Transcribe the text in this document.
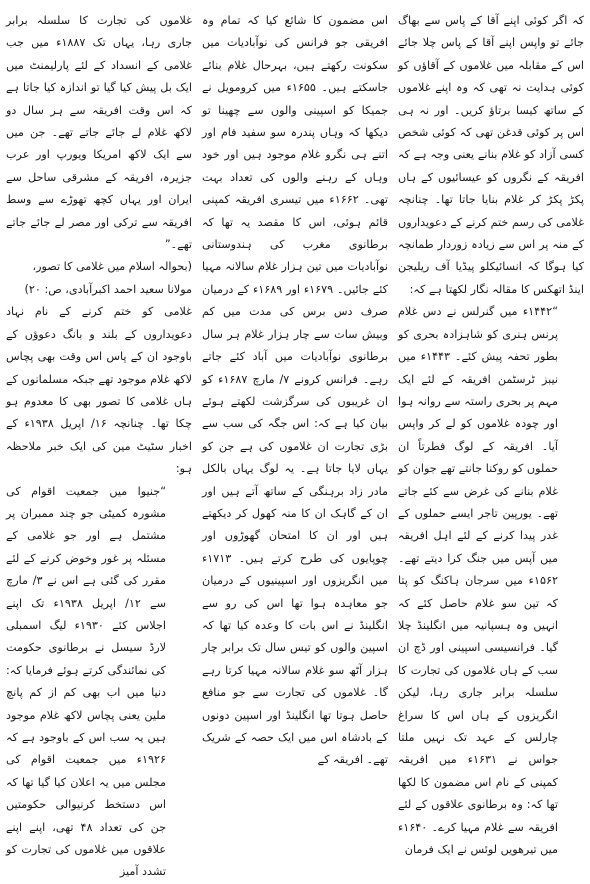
کہ اگر کوئی اپنے آقا کے پاس سے بھاگ جائے تو واپس اپنے آقا کے پاس چلا جائے اس کے مقابلہ میں غلاموں کے آقاؤں کو کوئی ہدایت نہ تھی کہ وہ اپنے غلاموں کے ساتھ کیسا برتاؤ کریں۔ اور نہ ہی اس پر کوئی قدغن تھی کہ کوئی شخص کسی آزاد کو غلام بنانے یعنی وجہ ہے کہ افریقہ کے نگروں کو عیسائیوں کے ہاں پکڑ پکڑ کر غلام بنایا جاتا تھا۔ چنانچہ غلامی کی رسم ختم کرنے کے دعویداروں کے منہ پر اس سے زیادہ زوردار طمانچہ کیا ہوگا کہ انسائیکلو پیڈیا آف ریلیجن اینڈ اتھکس کا مقالہ نگار لکھتا ہے کہ:

“۱۴۴۲ء میں گنرلس نے دس غلام پرنس ہنری کو شاہزادہ بحری کو بطور تحفہ پیش کئے۔ ۱۴۴۳ء میں نیبز ٹرسٹمن افریقہ کے لئے ایک مہم پر بحری راستہ سے روانہ ہوا اور چودہ غلاموں کو لے کر واپس آیا۔ افریقہ کے لوگ فطرتاً ان حملوں کو روکنا جانتے تھے جوان کو غلام بنانے کی غرض سے کئے جاتے تھے۔ یورپین تاجر ایسے حملوں کے غدر پیدا کرنے کے لئے اہل افریقہ میں آپس میں جنگ کرا دیتے تھے۔ ۱۵۶۲ء میں سرجان ہاکنگ کو پتا کہ تین سو غلام حاصل کئے کہ انہیں وہ ہسپانیہ میں انگلینڈ چلا گیا۔ فرانسیسی اسپینی اور ڈچ ان سب کے ہاں غلاموں کی تجارت کا سلسلہ برابر جاری رہا، لیکن انگریزوں کے ہاں اس کا سراغ چارلس کے عہد تک نہیں ملتا جواس نے ۱۶۳۱ء میں افریقہ کمپنی کے نام اس مضمون کا لکھا تھا کہ: وہ برطانوی علاقوں کے لئے افریقہ سے غلام مہیا کرے۔ ۱۶۴۰ء میں تیرھویں لوئس نے ایک فرمان

اس مضمون کا شائع کیا کہ تمام وہ افریقی جو فرانس کی نوآبادیات میں سکونت رکھتے ہیں، بہرحال غلام بنائے جاسکتے ہیں۔ ۱۶۵۵ء میں کرومویل نے جمیکا کو اسپینی والوں سے چھینا تو دیکھا کہ وہاں پندرہ سو سفید فام اور اتنے ہی نگرو غلام موجود ہیں اور خود وہاں کے رہنے والوں کی تعداد بہت تھی۔ ۱۶۶۲ء میں تیسری افریقہ کمپنی قائم ہوئی، اس کا مقصد یہ تھا کہ برطانوی مغرب کی ہندوستانی نوآبادیات میں تین ہزار غلام سالانہ مہیا کئے جائیں۔ ۱۶۷۹ء اور ۱۶۸۹ء کے درمیان صرف دس برس کی مدت میں کم وبیش سات سے چار ہزار غلام ہر سال برطانوی نوآبادیات میں آباد کئے جاتے رہے۔ فرانس کرونے ۷/ مارچ ۱۶۸۷ء کو ان غریبوں کی سرگزشت لکھتے ہوئے بیان کیا ہے کہ: اس جگہ کی سب سے بڑی تجارت ان غلاموں کی ہے جن کو یہاں لایا جاتا ہے۔ یہ لوگ یہاں بالکل مادر زاد برہنگی کے ساتھ آتے ہیں اور ان کے گاہک ان کا منہ کھول کر دیکھتے ہیں اور ان کا امتحان گھوڑوں اور چوپایوں کی طرح کرتے ہیں۔ ۱۷۱۳ء میں انگریزوں اور اسپینیوں کے درمیان جو معاہدہ ہوا تھا اس کی رو سے انگلینڈ نے اس بات کا وعدہ کیا تھا کہ اسپین والوں کو تیس سال تک برابر چار ہزار آٹھ سو غلام سالانہ مہیا کرتا رہے گا۔ غلاموں کی تجارت سے جو منافع حاصل ہوتا تھا انگلینڈ اور اسپین دونوں کے بادشاہ اس میں ایک حصہ کے شریک تھے۔ افریقہ کے

غلاموں کی تجارت کا سلسلہ برابر جاری رہا، یہاں تک ۱۸۸۷ء میں جب غلامی کے انسداد کے لئے پارلیمنٹ میں ایک بل پیش کیا گیا تو اندازہ کیا جاتا ہے کہ اس وقت افریقہ سے ہر سال دو لاکھ غلام لے جائے جاتے تھے۔ جن میں سے ایک لاکھ امریکا ویورپ اور عرب جزیرہ، افریقہ کے مشرقی ساحل سے ایران اور یہاں کچھ تھوڑے سے وسط افریقہ سے ترکی اور مصر لے جائے جاتے تھے۔”

(بحوالہ اسلام میں غلامی کا تصور، مولانا سعید احمد اکبرآبادی، ص: ۲۰)

غلامی کو ختم کرنے کے نام نہاد دعویداروں کے بلند و بانگ دعوؤں کے باوجود ان کے پاس اس وقت بھی پچاس لاکھ غلام موجود تھے جبکہ مسلمانوں کے ہاں غلامی کا تصور بھی کا معدوم ہو چکا تھا۔ چنانچہ ۱۶/ اپریل ۱۹۳۸ء کے اخبار سٹیٹ مین کی ایک خبر ملاحظہ ہو:

“جنیوا میں جمعیت اقوام کی مشورہ کمیٹی جو چند ممبران پر مشتمل ہے اور جو غلامی کے مسئلہ پر غور وخوض کرنے کے لئے مقرر کی گئی ہے اس نے ۳/ مارچ سے ۱۲/ اپریل ۱۹۳۸ء تک اپنے اجلاس کئے ۱۹۳۰ء لیگ اسمبلی لارڈ سیسل نے برطانوی حکومت کی نمائندگی کرتے ہوئے فرمایا کہ: دنیا میں اب بھی کم از کم پانچ ملین یعنی پچاس لاکھ غلام موجود ہیں یہ سب اس کے باوجود ہے کہ ۱۹۲۶ء میں جمعیت اقوام کی مجلس میں یہ اعلان کیا گیا تھا کہ اس دستخط کرنیوالی حکومتیں جن کی تعداد ۴۸ تھی، اپنے اپنے علاقوں میں غلاموں کی تجارت کو تشدد آمیز
